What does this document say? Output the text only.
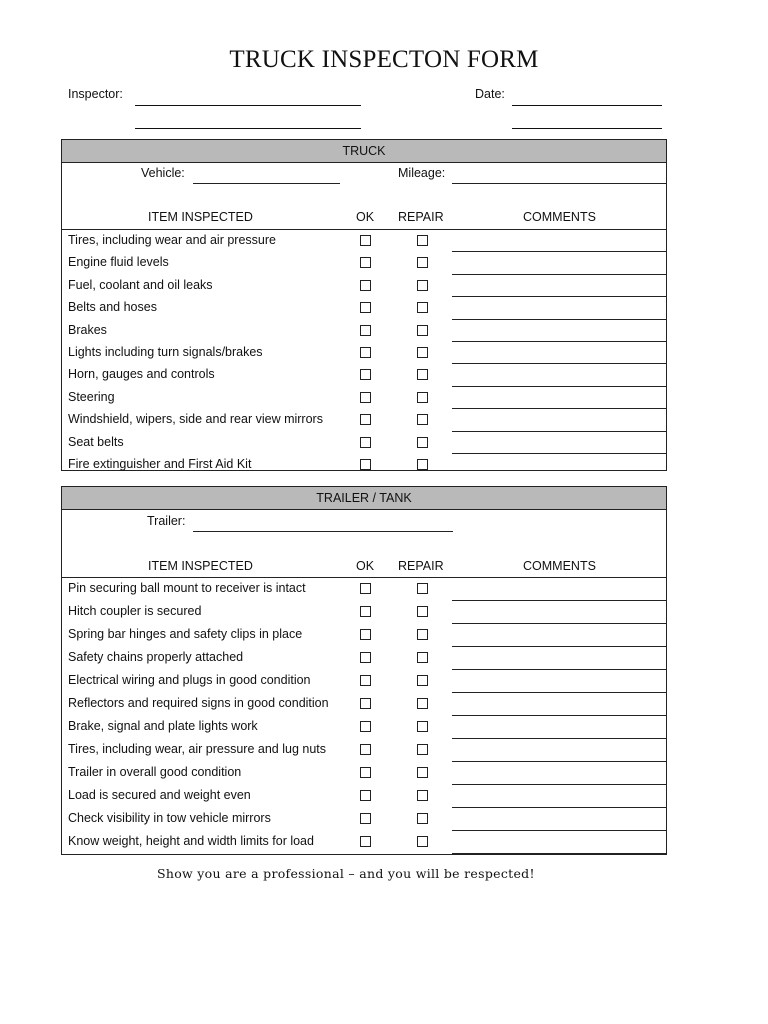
TRUCK INSPECTON FORM
Inspector:	Date:
TRUCK
Vehicle:	Mileage:
ITEM INSPECTED	OK REPAIR	COMMENTS
Tires, including wear and air pressure
Engine fluid levels
Fuel, coolant and oil leaks
Belts and hoses
Brakes
Lights including turn signals/brakes
Horn, gauges and controls
Steering
Windshield, wipers, side and rear view mirrors
Seat belts
Fire extinguisher and First Aid Kit
TRAILER / TANK
Trailer:
ITEM INSPECTED	OK REPAIR	COMMENTS
Pin securing ball mount to receiver is intact
Hitch coupler is secured
Spring bar hinges and safety clips in place
Safety chains properly attached
Electrical wiring and plugs in good condition
Reflectors and required signs in good condition
Brake, signal and plate lights work
Tires, including wear, air pressure and lug nuts
Trailer in overall good condition
Load is secured and weight even
Check visibility in tow vehicle mirrors
Know weight, height and width limits for load
Show you are a professional – and you will be respected!
